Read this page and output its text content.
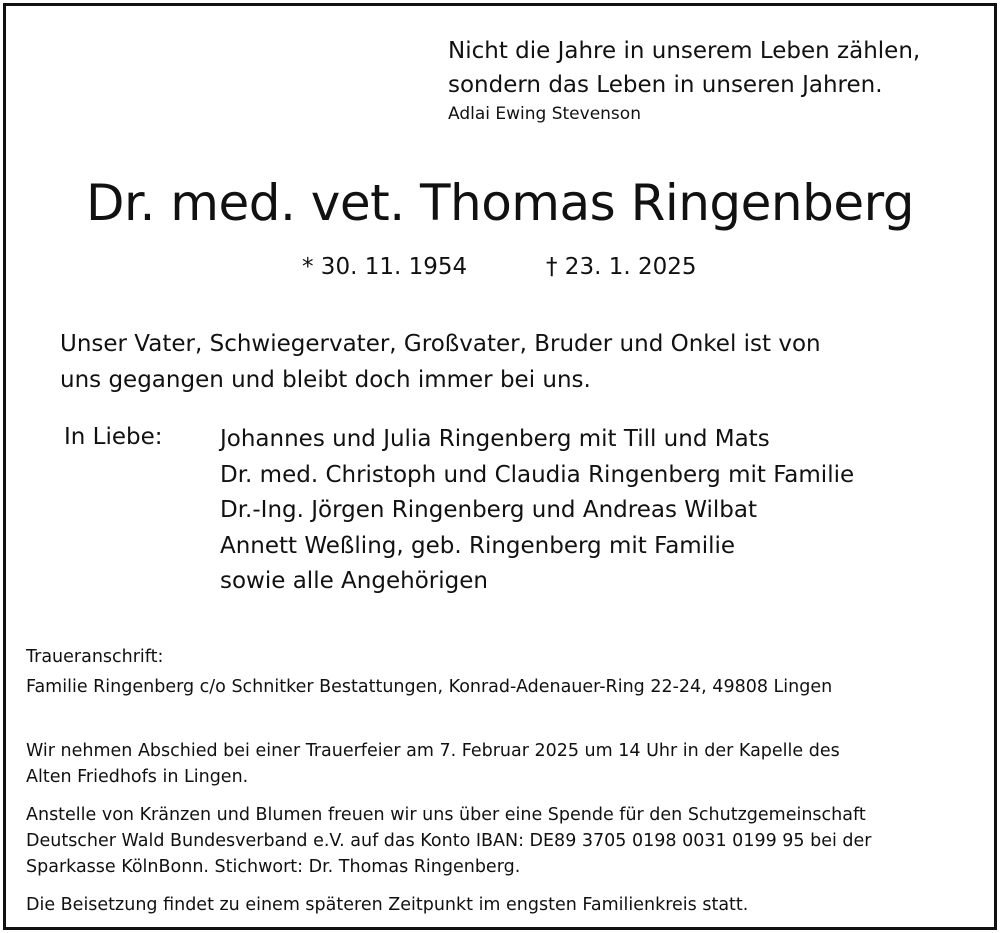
Nicht die Jahre in unserem Leben zählen,
sondern das Leben in unseren Jahren.
Adlai Ewing Stevenson
Dr. med. vet. Thomas Ringenberg
* 30. 11. 1954	† 23. 1. 2025
Unser Vater, Schwiegervater, Großvater, Bruder und Onkel ist von
uns gegangen und bleibt doch immer bei uns.
In Liebe: Johannes und Julia Ringenberg mit Till und Mats
Dr. med. Christoph und Claudia Ringenberg mit Familie
Dr.-Ing. Jörgen Ringenberg und Andreas Wilbat
Annett Weßling, geb. Ringenberg mit Familie
sowie alle Angehörigen
Traueranschrift:
Familie Ringenberg c/o Schnitker Bestattungen, Konrad-Adenauer-Ring 22-24, 49808 Lingen
Wir nehmen Abschied bei einer Trauerfeier am 7. Februar 2025 um 14 Uhr in der Kapelle des
Alten Friedhofs in Lingen.
Anstelle von Kränzen und Blumen freuen wir uns über eine Spende für den Schutzgemeinschaft
Deutscher Wald Bundesverband e.V. auf das Konto IBAN: DE89 3705 0198 0031 0199 95 bei der
Sparkasse KölnBonn. Stichwort: Dr. Thomas Ringenberg.
Die Beisetzung findet zu einem späteren Zeitpunkt im engsten Familienkreis statt.
